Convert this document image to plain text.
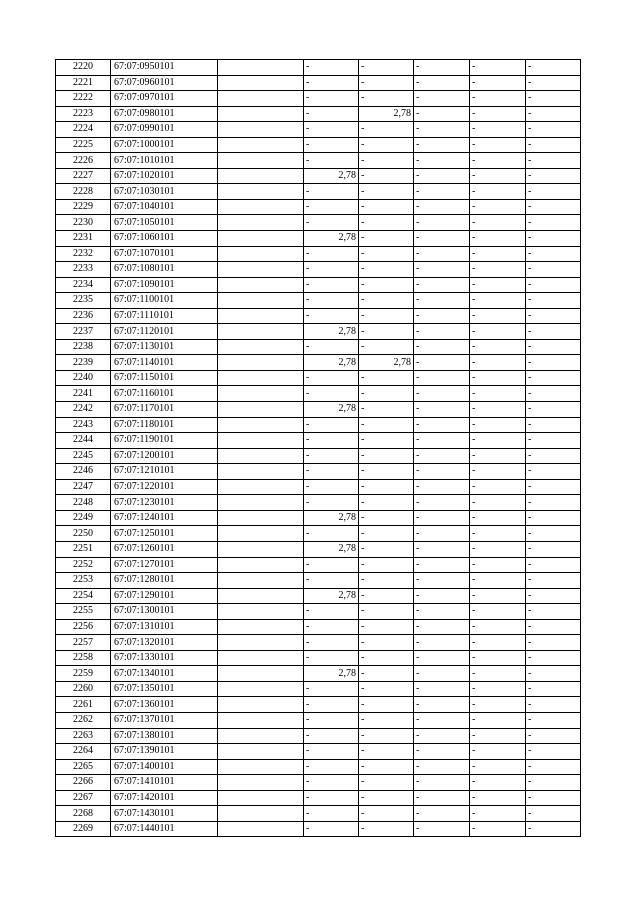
2220	67:07:0950101		-	-	-	-	-
2221	67:07:0960101		-	-	-	-	-
2222	67:07:0970101		-	-	-	-	-
2223	67:07:0980101		-	2,78	-	-	-
2224	67:07:0990101		-	-	-	-	-
2225	67:07:1000101		-	-	-	-	-
2226	67:07:1010101		-	-	-	-	-
2227	67:07:1020101		2,78	-	-	-	-
2228	67:07:1030101		-	-	-	-	-
2229	67:07:1040101		-	-	-	-	-
2230	67:07:1050101		-	-	-	-	-
2231	67:07:1060101		2,78	-	-	-	-
2232	67:07:1070101		-	-	-	-	-
2233	67:07:1080101		-	-	-	-	-
2234	67:07:1090101		-	-	-	-	-
2235	67:07:1100101		-	-	-	-	-
2236	67:07:1110101		-	-	-	-	-
2237	67:07:1120101		2,78	-	-	-	-
2238	67:07:1130101		-	-	-	-	-
2239	67:07:1140101		2,78	2,78	-	-	-
2240	67:07:1150101		-	-	-	-	-
2241	67:07:1160101		-	-	-	-	-
2242	67:07:1170101		2,78	-	-	-	-
2243	67:07:1180101		-	-	-	-	-
2244	67:07:1190101		-	-	-	-	-
2245	67:07:1200101		-	-	-	-	-
2246	67:07:1210101		-	-	-	-	-
2247	67:07:1220101		-	-	-	-	-
2248	67:07:1230101		-	-	-	-	-
2249	67:07:1240101		2,78	-	-	-	-
2250	67:07:1250101		-	-	-	-	-
2251	67:07:1260101		2,78	-	-	-	-
2252	67:07:1270101		-	-	-	-	-
2253	67:07:1280101		-	-	-	-	-
2254	67:07:1290101		2,78	-	-	-	-
2255	67:07:1300101		-	-	-	-	-
2256	67:07:1310101		-	-	-	-	-
2257	67:07:1320101		-	-	-	-	-
2258	67:07:1330101		-	-	-	-	-
2259	67:07:1340101		2,78	-	-	-	-
2260	67:07:1350101		-	-	-	-	-
2261	67:07:1360101		-	-	-	-	-
2262	67:07:1370101		-	-	-	-	-
2263	67:07:1380101		-	-	-	-	-
2264	67:07:1390101		-	-	-	-	-
2265	67:07:1400101		-	-	-	-	-
2266	67:07:1410101		-	-	-	-	-
2267	67:07:1420101		-	-	-	-	-
2268	67:07:1430101		-	-	-	-	-
2269	67:07:1440101		-	-	-	-	-
